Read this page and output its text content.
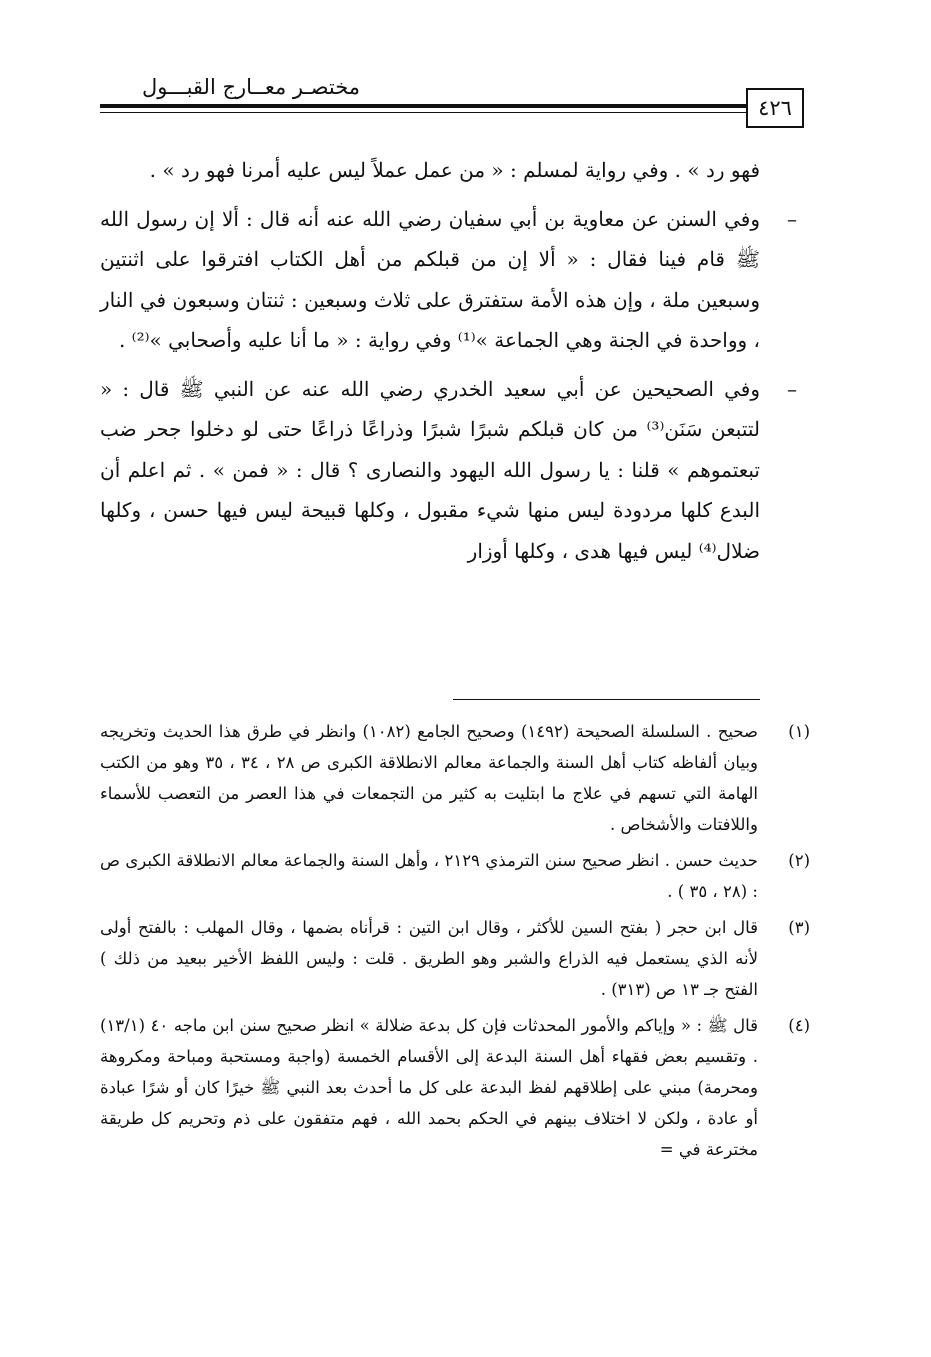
مختصـر معــارج القبـــول
٤٢٦

فهو رد » . وفي رواية لمسلم : « من عمل عملاً ليس عليه أمرنا فهو رد » .

–

وفي السنن عن معاوية بن أبي سفيان رضي الله عنه أنه قال : ألا إن رسول الله ﷺ قام فينا فقال : « ألا إن من قبلكم من أهل الكتاب افترقوا على اثنتين وسبعين ملة ، وإن هذه الأمة ستفترق على ثلاث وسبعين : ثنتان وسبعون في النار ، وواحدة في الجنة وهي الجماعة »⁽¹⁾ وفي رواية : « ما أنا عليه وأصحابي »⁽²⁾ .

–

وفي الصحيحين عن أبي سعيد الخدري رضي الله عنه عن النبي ﷺ قال : « لتتبعن سَنَن⁽³⁾ من كان قبلكم شبرًا شبرًا وذراعًا ذراعًا حتى لو دخلوا جحر ضب تبعتموهم » قلنا : يا رسول الله اليهود والنصارى ؟ قال : « فمن » . ثم اعلم أن البدع كلها مردودة ليس منها شيء مقبول ، وكلها قبيحة ليس فيها حسن ، وكلها ضلال⁽⁴⁾ ليس فيها هدى ، وكلها أوزار

(١)
صحيح . السلسلة الصحيحة (١٤٩٢) وصحيح الجامع (١٠٨٢) وانظر في طرق هذا الحديث وتخريجه وبيان ألفاظه كتاب أهل السنة والجماعة معالم الانطلاقة الكبرى ص ٢٨ ، ٣٤ ، ٣٥ وهو من الكتب الهامة التي تسهم في علاج ما ابتليت به كثير من التجمعات في هذا العصر من التعصب للأسماء واللافتات والأشخاص .
(٢)
حديث حسن . انظر صحيح سنن الترمذي ٢١٢٩ ، وأهل السنة والجماعة معالم الانطلاقة الكبرى ص : (٢٨ ، ٣٥ ) .
(٣)
قال ابن حجر ( بفتح السين للأكثر ، وقال ابن التين : قرأناه بضمها ، وقال المهلب : بالفتح أولى لأنه الذي يستعمل فيه الذراع والشبر وهو الطريق . قلت : وليس اللفظ الأخير ببعيد من ذلك ) الفتح جـ ١٣ ص (٣١٣) .
(٤)
قال ﷺ : « وإياكم والأمور المحدثات فإن كل بدعة ضلالة » انظر صحيح سنن ابن ماجه ٤٠ (١٣/١) . وتقسيم بعض فقهاء أهل السنة البدعة إلى الأقسام الخمسة (واجبة ومستحبة ومباحة ومكروهة ومحرمة) مبني على إطلاقهم لفظ البدعة على كل ما أحدث بعد النبي ﷺ خيرًا كان أو شرًا عبادة أو عادة ، ولكن لا اختلاف بينهم في الحكم بحمد الله ، فهم متفقون على ذم وتحريم كل طريقة مخترعة في =
